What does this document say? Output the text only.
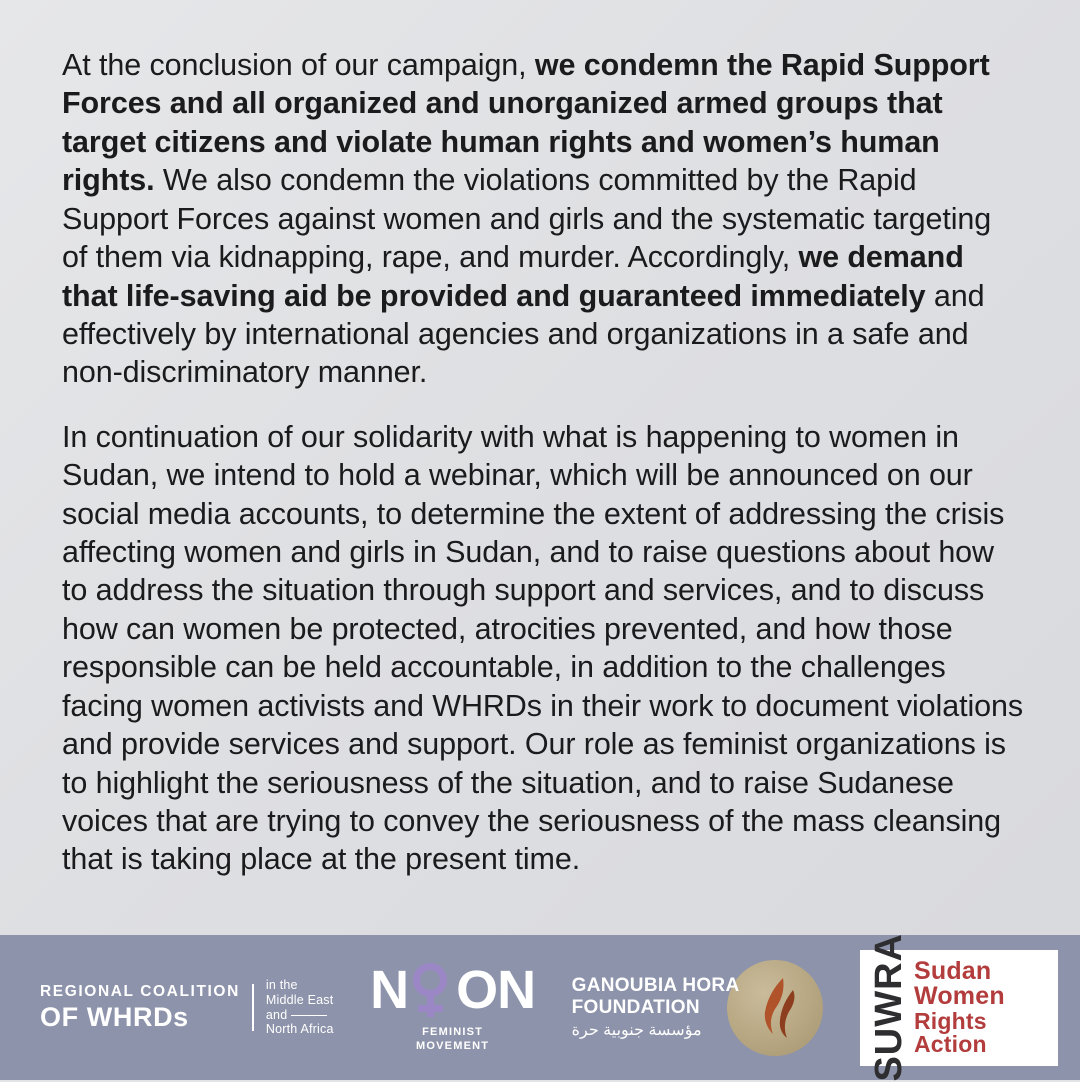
At the conclusion of our campaign, we condemn the Rapid Support Forces and all organized and unorganized armed groups that target citizens and violate human rights and women’s human rights. We also condemn the violations committed by the Rapid Support Forces against women and girls and the systematic targeting of them via kidnapping, rape, and murder. Accordingly, we demand that life-saving aid be provided and guaranteed immediately and effectively by international agencies and organizations in a safe and non-discriminatory manner.

In continuation of our solidarity with what is happening to women in Sudan, we intend to hold a webinar, which will be announced on our social media accounts, to determine the extent of addressing the crisis affecting women and girls in Sudan, and to raise questions about how to address the situation through support and services, and to discuss how can women be protected, atrocities prevented, and how those responsible can be held accountable, in addition to the challenges facing women activists and WHRDs in their work to document violations and provide services and support. Our role as feminist organizations is to highlight the seriousness of the situation, and to raise Sudanese voices that are trying to convey the seriousness of the mass cleansing that is taking place at the present time.

REGIONAL COALITION
OF WHRDs
in the
Middle East
and
North Africa
N O N
FEMINIST
MOVEMENT
GANOUBIA HORA
FOUNDATION
مؤسسة جنوبية حرة	SUWRA Sudan
Women
Rights
Action
